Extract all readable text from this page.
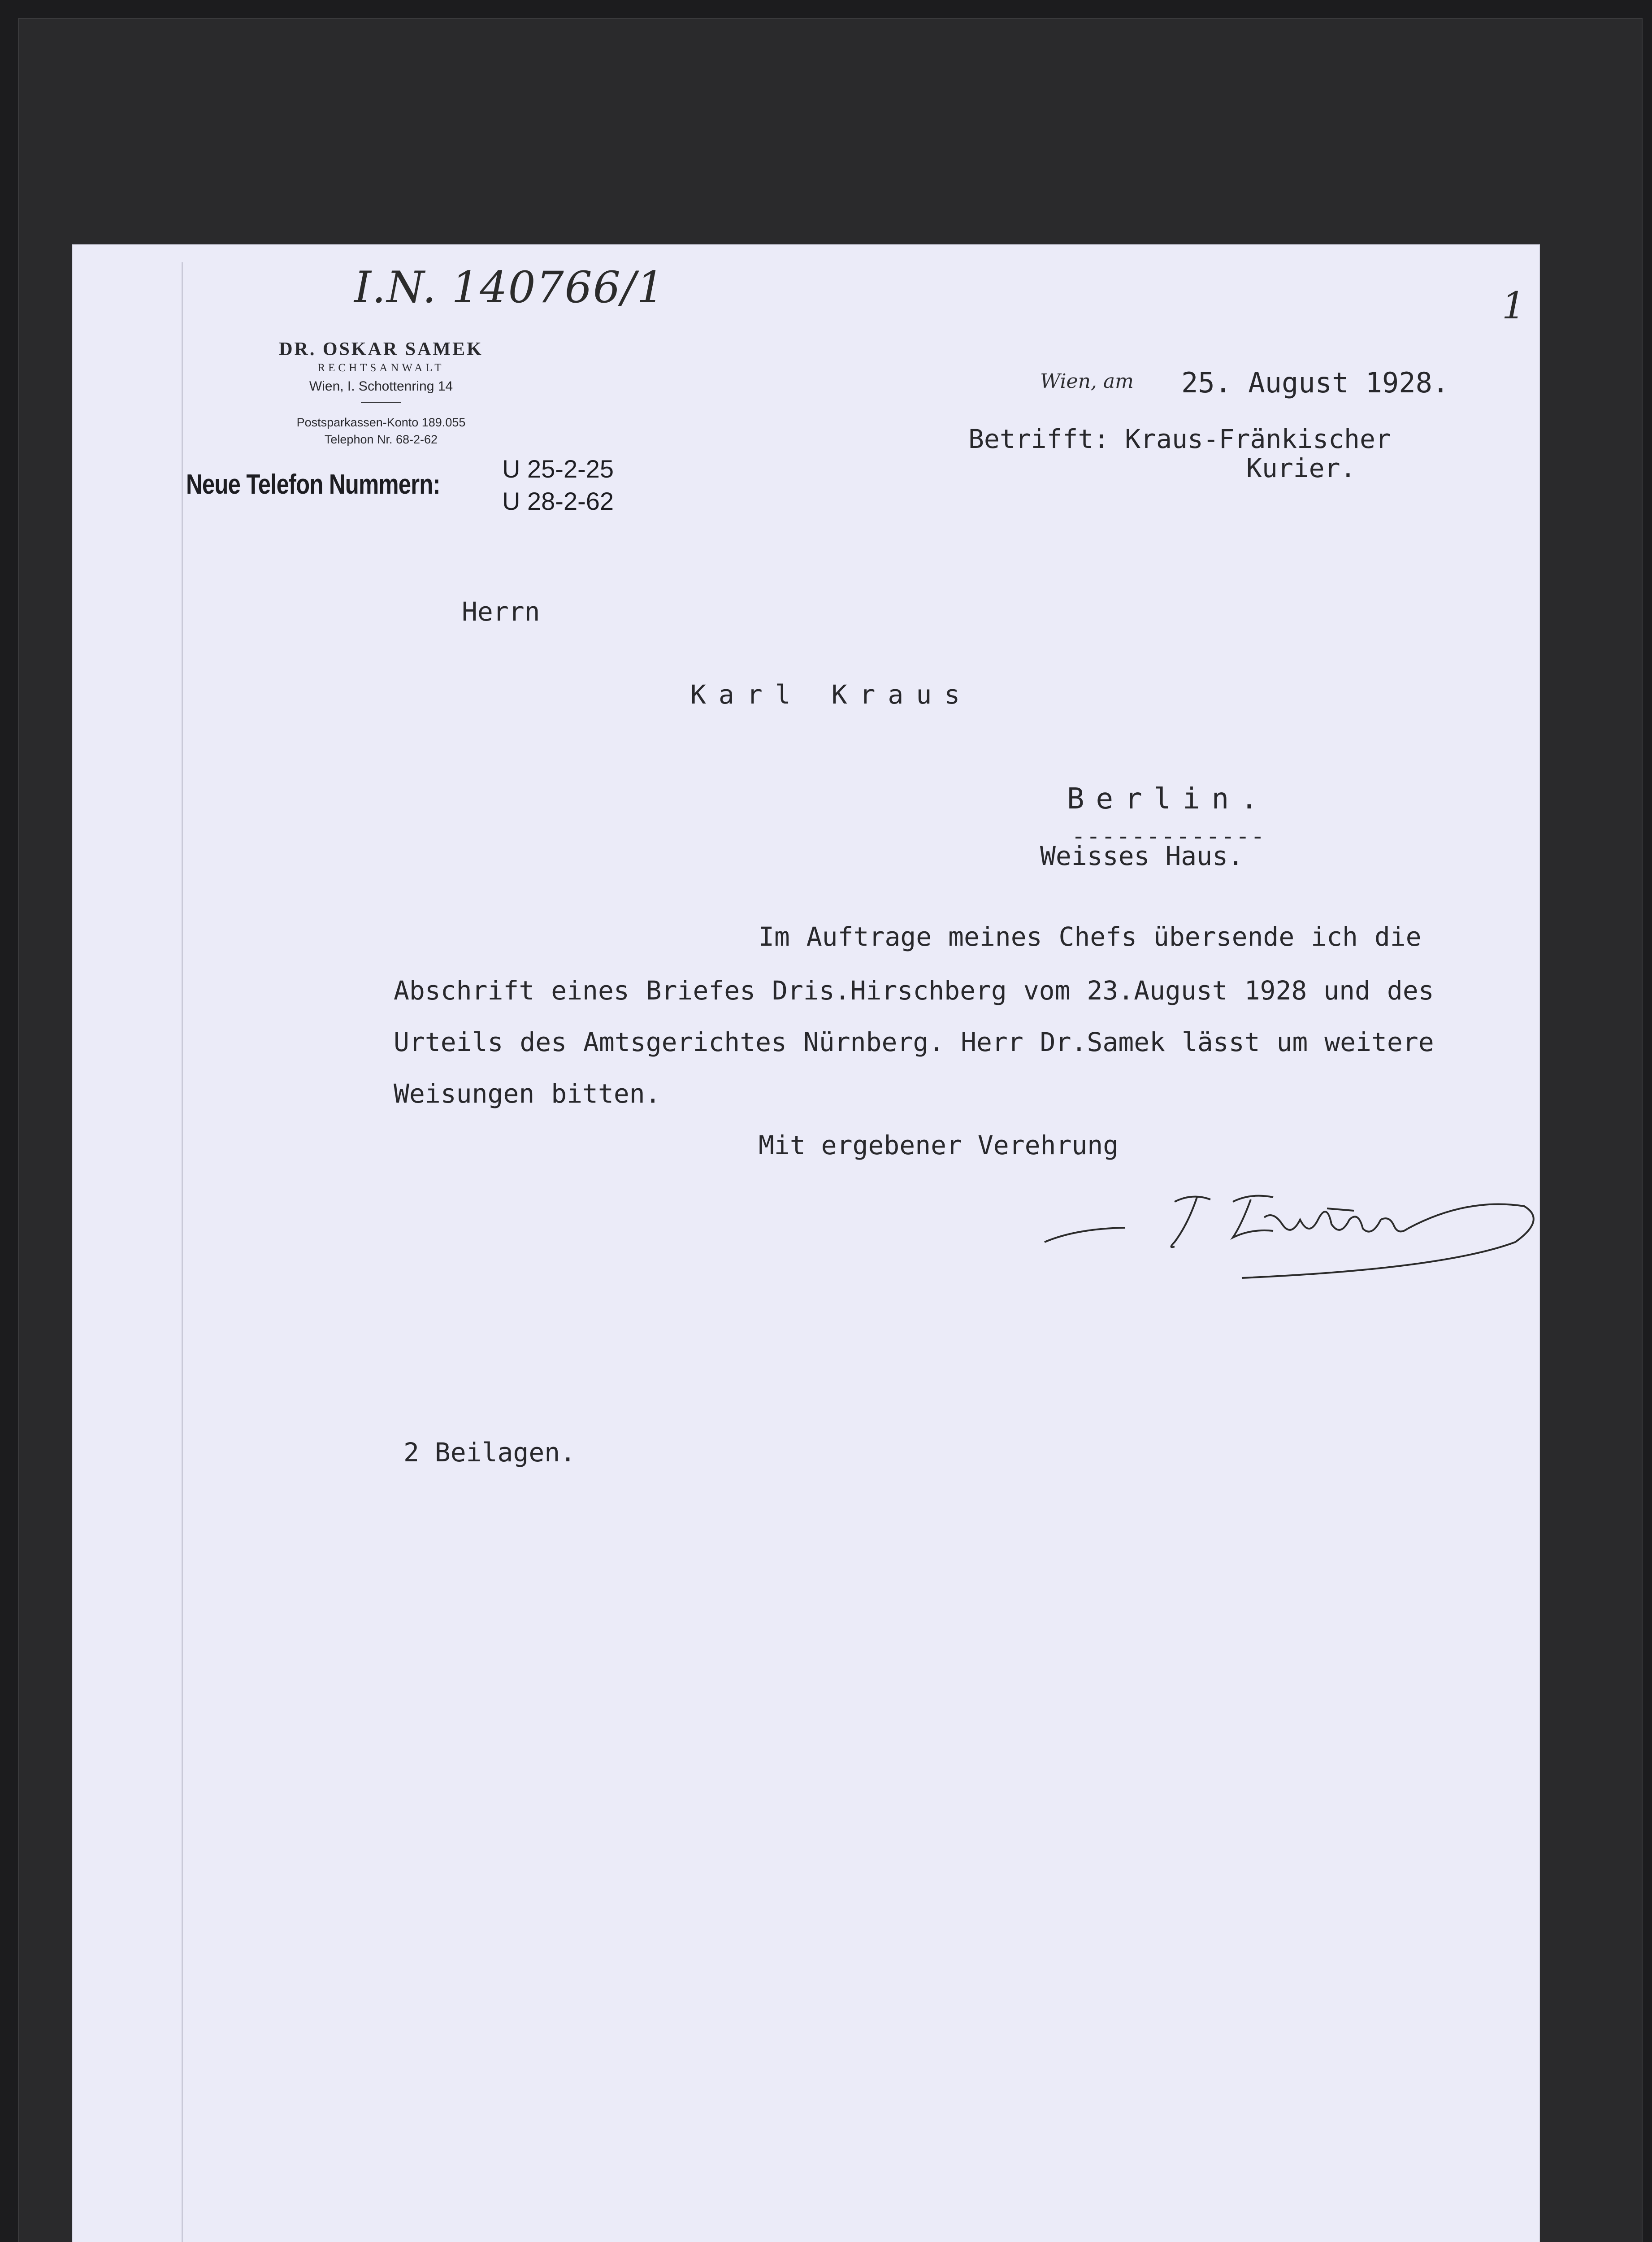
I.N. 140766/1	1
DR. OSKAR SAMEK
RECHTSANWALT
Wien, I. Schottenring 14
Postsparkassen-Konto 189.055
Telephon Nr. 68-2-62
Neue Telefon Nummern:
U 25-2-25
U 28-2-62
Wien, am 25. August 1928.
Betrifft: Kraus-Fränkischer
Kurier.
Herrn
Karl Kraus
Berlin.
-------------
Weisses Haus.
Im Auftrage meines Chefs übersende ich die
Abschrift eines Briefes Dris.Hirschberg vom 23.August 1928 und des
Urteils des Amtsgerichtes Nürnberg. Herr Dr.Samek lässt um weitere
Weisungen bitten.
Mit ergebener Verehrung
2 Beilagen.
